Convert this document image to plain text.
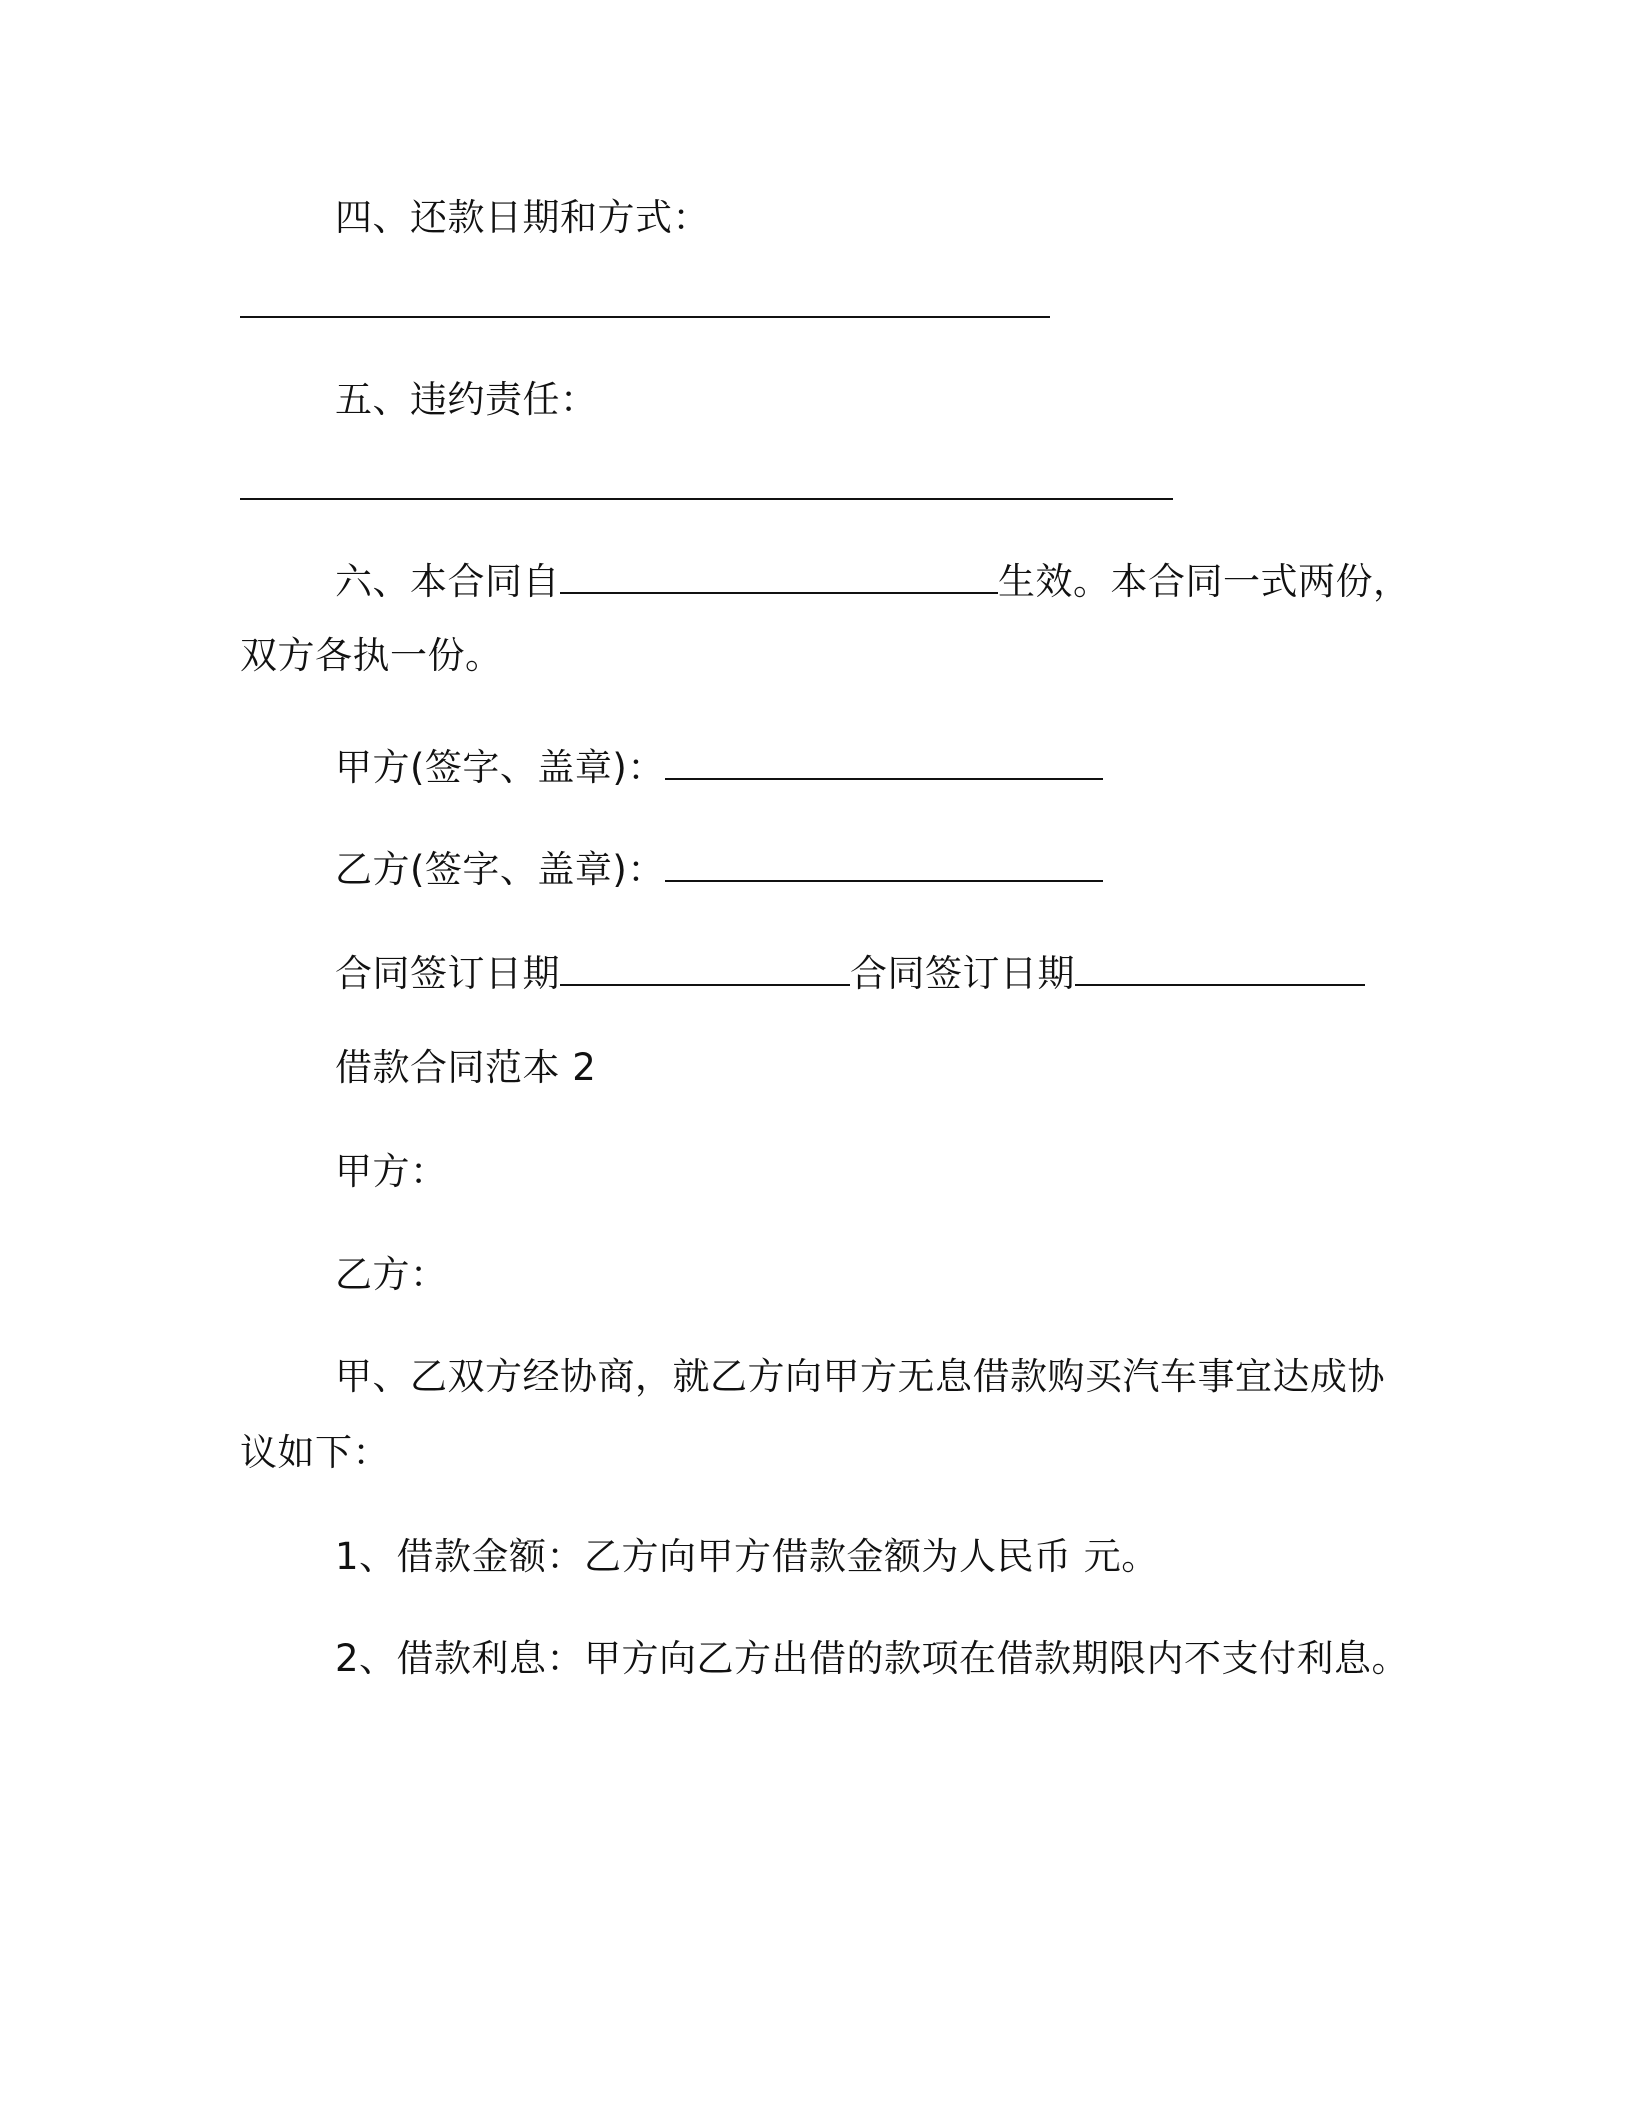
四、还款日期和方式：
五、违约责任：
六、本合同自	生效。本合同一式两份，
双方各执一份。
甲方(签字、盖章)：
乙方(签字、盖章)：
合同签订日期	合同签订日期
借款合同范本 2
甲方：
乙方：
甲、乙双方经协商，就乙方向甲方无息借款购买汽车事宜达成协
议如下：
1、借款金额：乙方向甲方借款金额为人民币 元。
2、借款利息：甲方向乙方出借的款项在借款期限内不支付利息。
